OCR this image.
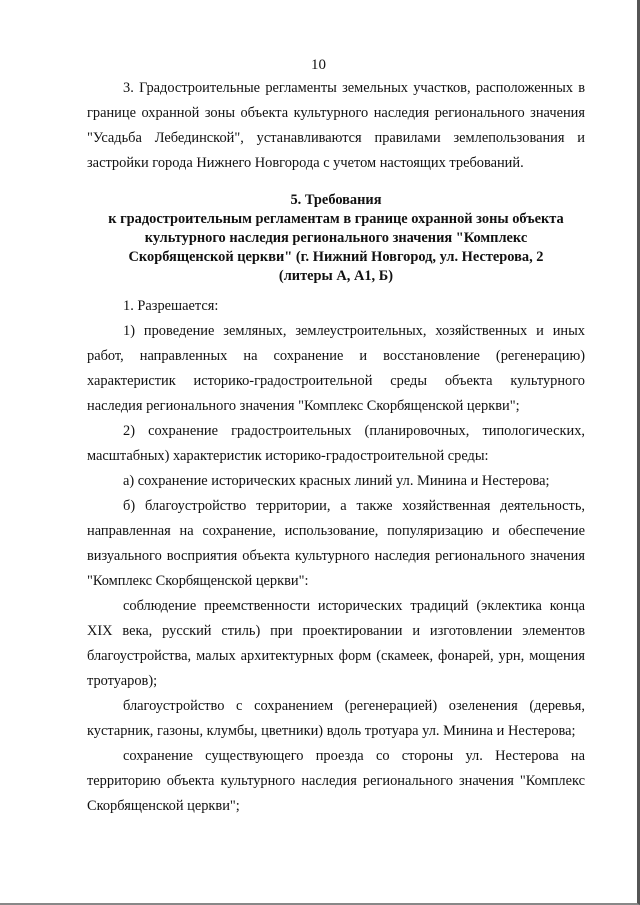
10

3. Градостроительные регламенты земельных участков, расположенных в границе охранной зоны объекта культурного наследия регионального значения "Усадьба Лебединской", устанавливаются правилами землепользования и застройки города Нижнего Новгорода с учетом настоящих требований.

5. Требования
к градостроительным регламентам в границе охранной зоны объекта
культурного наследия регионального значения "Комплекс
Скорбященской церкви" (г. Нижний Новгород, ул. Нестерова, 2
(литеры А, А1, Б)

1. Разрешается:

1) проведение земляных, землеустроительных, хозяйственных и иных работ, направленных на сохранение и восстановление (регенерацию) характеристик историко-градостроительной среды объекта культурного наследия регионального значения "Комплекс Скорбященской церкви";

2) сохранение градостроительных (планировочных, типологических, масштабных) характеристик историко-градостроительной среды:

а) сохранение исторических красных линий ул. Минина и Нестерова;

б) благоустройство территории, а также хозяйственная деятельность, направленная на сохранение, использование, популяризацию и обеспечение визуального восприятия объекта культурного наследия регионального значения "Комплекс Скорбященской церкви":

соблюдение преемственности исторических традиций (эклектика конца XIX века, русский стиль) при проектировании и изготовлении элементов благоустройства, малых архитектурных форм (скамеек, фонарей, урн, мощения тротуаров);

благоустройство с сохранением (регенерацией) озеленения (деревья, кустарник, газоны, клумбы, цветники) вдоль тротуара ул. Минина и Нестерова;

сохранение существующего проезда со стороны ул. Нестерова на территорию объекта культурного наследия регионального значения "Комплекс Скорбященской церкви";
